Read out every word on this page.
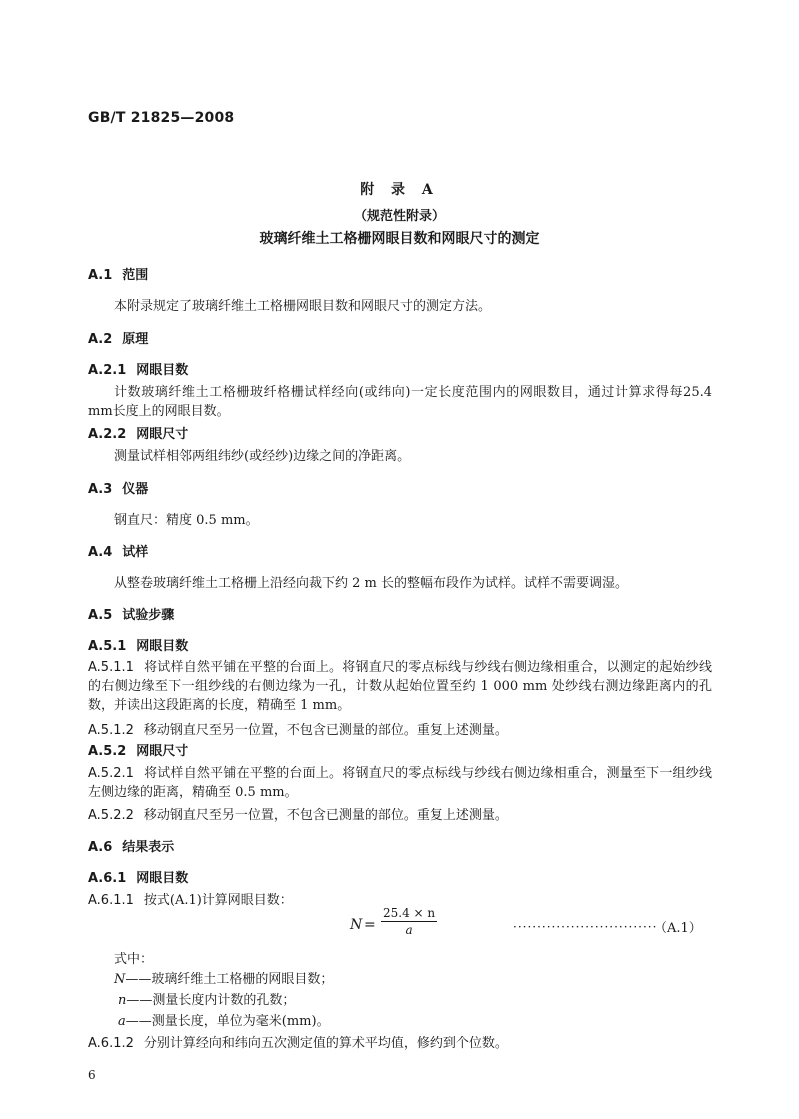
GB/T 21825—2008
附 录 A
（规范性附录）
玻璃纤维土工格栅网眼目数和网眼尺寸的测定
A.1 范围
本附录规定了玻璃纤维土工格栅网眼目数和网眼尺寸的测定方法。
A.2 原理
A.2.1 网眼目数
计数玻璃纤维土工格栅玻纤格栅试样经向(或纬向)一定长度范围内的网眼数目，通过计算求得每25.4 mm长度上的网眼目数。
A.2.2 网眼尺寸
测量试样相邻两组纬纱(或经纱)边缘之间的净距离。
A.3 仪器
钢直尺：精度 0.5 mm。
A.4 试样
从整卷玻璃纤维土工格栅上沿经向裁下约 2 m 长的整幅布段作为试样。试样不需要调湿。
A.5 试验步骤
A.5.1 网眼目数
A.5.1.1 将试样自然平铺在平整的台面上。将钢直尺的零点标线与纱线右侧边缘相重合，以测定的起始纱线的右侧边缘至下一组纱线的右侧边缘为一孔，计数从起始位置至约 1 000 mm 处纱线右测边缘距离内的孔数，并读出这段距离的长度，精确至 1 mm。
A.5.1.2 移动钢直尺至另一位置，不包含已测量的部位。重复上述测量。
A.5.2 网眼尺寸
A.5.2.1 将试样自然平铺在平整的台面上。将钢直尺的零点标线与纱线右侧边缘相重合，测量至下一组纱线左侧边缘的距离，精确至 0.5 mm。
A.5.2.2 移动钢直尺至另一位置，不包含已测量的部位。重复上述测量。
A.6 结果表示
A.6.1 网眼目数
A.6.1.1 按式(A.1)计算网眼目数：
$N = \frac{25.4 \times n}{a}$	······························
（A.1）
式中：
N——玻璃纤维土工格栅的网眼目数；
n——测量长度内计数的孔数；
a——测量长度，单位为毫米(mm)。
A.6.1.2 分别计算经向和纬向五次测定值的算术平均值，修约到个位数。
6
